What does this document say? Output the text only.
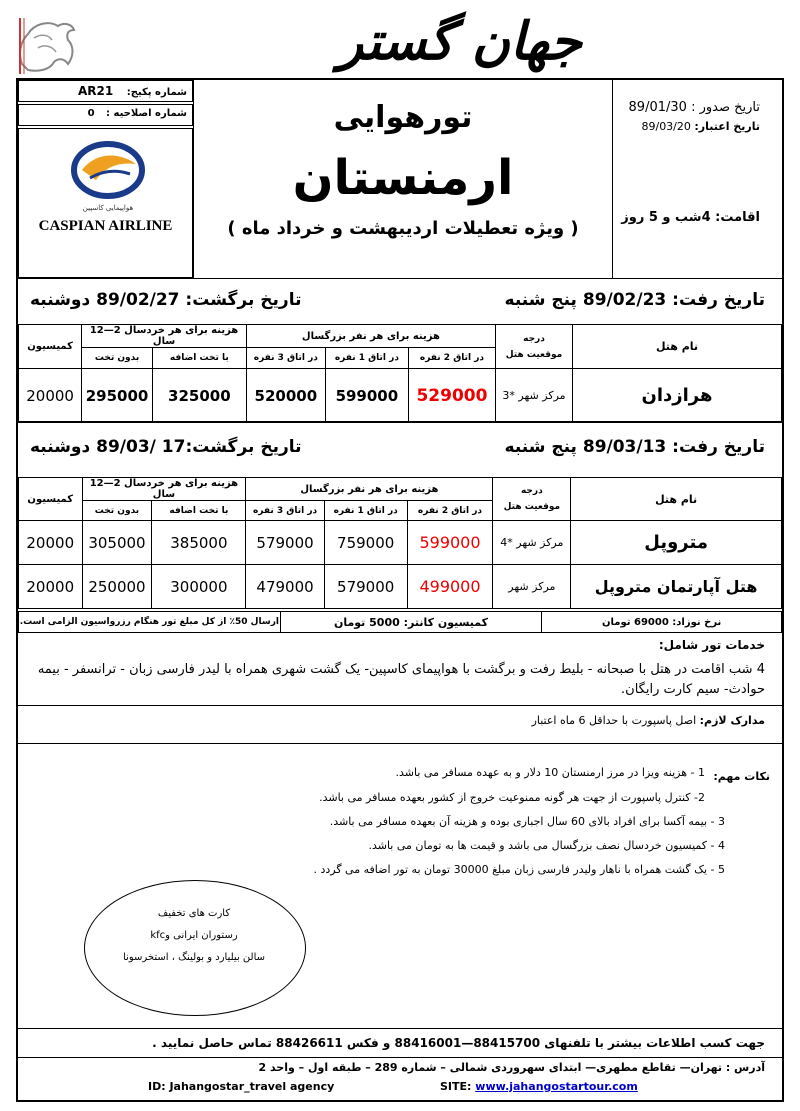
جهان گستر
شماره پکیج: AR21
شماره اصلاحیه : 0
هواپیمایی کاسپین
CASPIAN AIRLINE
تورهوایی
ارمنستان
( ویژه تعطیلات اردیبهشت و خرداد ماه )
تاریخ صدور : 89/01/30
تاریخ اعتبار: 89/03/20
اقامت: 4شب و 5 روز
تاریخ رفت: 89/02/23 پنج شنبه
تاریخ برگشت: 89/02/27 دوشنبه
نام هتل	درجه
موقعیت هتل	هزینه برای هر نفر بزرگسال			هزینه برای هر خردسال 2—12 سال		کمیسیون
		در اتاق 2 نفره	در اتاق 1 نفره	در اتاق 3 نفره	با تخت اضافه	بدون تخت	
هرازدان	مرکز شهر *3	529000	599000	520000	325000	295000	20000
تاریخ رفت: 89/03/13 پنج شنبه
تاریخ برگشت:17 /89/03 دوشنبه
نام هتل	درجه
موقعیت هتل	هزینه برای هر نفر بزرگسال			هزینه برای هر خردسال 2—12 سال		کمیسیون
		در اتاق 2 نفره	در اتاق 1 نفره	در اتاق 3 نفره	با تخت اضافه	بدون تخت	
متروپل	مرکز شهر *4	599000	759000	579000	385000	305000	20000
هتل آپارتمان متروپل	مرکز شهر	499000	579000	479000	300000	250000	20000
نرخ نوزاد: 69000 تومان	کمیسیون کانتر: 5000 تومان	ارسال 50٪ از کل مبلغ تور هنگام رزرواسیون الزامی است.
خدمات تور شامل:
4 شب اقامت در هتل با صبحانه - بلیط رفت و برگشت با هواپیمای کاسپین- یک گشت شهری همراه با لیدر فارسی زبان - ترانسفر - بیمه حوادث- سیم کارت رایگان.
مدارک لازم: اصل پاسپورت با حداقل 6 ماه اعتبار
نکات مهم:
1 - هزینه ویزا در مرز ارمنستان 10 دلار و به عهده مسافر می باشد.
2- کنترل پاسپورت از جهت هر گونه ممنوعیت خروج از کشور بعهده مسافر می باشد.
3 - بیمه آکسا برای افراد بالای 60 سال اجباری بوده و هزینه آن بعهده مسافر می باشد.
4 - کمیسیون خردسال نصف بزرگسال می باشد و قیمت ها به تومان می باشد.
5 - یک گشت همراه با ناهار ولیدر فارسی زبان مبلغ 30000 تومان به تور اضافه می گردد .
کارت های تخفیف
رستوران ایرانی وkfc
سالن بیلیارد و بولینگ ، استخرسونا
جهت کسب اطلاعات بیشتر با تلفنهای 88415700—88416001 و فکس 88426611 تماس حاصل نمایید .
آدرس : تهران— تقاطع مطهری— ابتدای سهروردی شمالی – شماره 289 – طبقه اول – واحد 2
SITE: www.jahangostartour.com
ID: Jahangostar_travel agency
